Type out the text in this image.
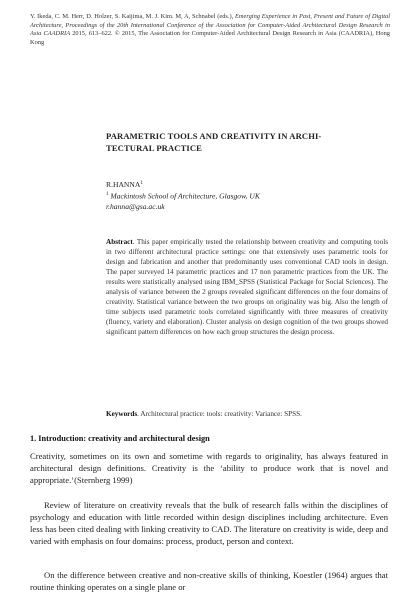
Y. Ikeda, C. M. Herr, D. Holzer, S. Kaijima, M. J. Kim. M, A, Schnabel (eds.), Emerging Experience in Past, Present and Future of Digital Architecture, Proceedings of the 20th International Conference of the Association for Computer-Aided Architectural Design Research in Asia CAADRIA 2015, 613–622. © 2015, The Association for Computer-Aided Architectural Design Research in Asia (CAADRIA), Hong Kong
PARAMETRIC TOOLS AND CREATIVITY IN ARCHI-
TECTURAL PRACTICE
R.HANNA$^1$
$^1$ Mackintosh School of Architecture, Glasgow, UK
r.hanna@gsa.ac.uk
Abstract. This paper empirically tested the relationship between creativity and computing tools in two different architectural practice settings: one that extensively uses parametric tools for design and fabrication and another that predominantly uses conventional CAD tools in design. The paper surveyed 14 parametric practices and 17 non parametric practices from the UK. The results were statistically analysed using IBM_SPSS (Statistical Package for Social Sciences). The analysis of variance between the 2 groups revealed significant differences on the four domains of creativity. Statistical variance between the two groups on originality was big. Also the length of time subjects used parametric tools correlated significantly with three measures of creativity (fluency, variety and elaboration). Cluster analysis on design cognition of the two groups showed significant pattern differences on how each group structures the design process.
Keywords. Architectural practice: tools: creativity: Variance: SPSS.
1. Introduction: creativity and architectural design
Creativity, sometimes on its own and sometime with regards to originality, has always featured in architectural design definitions. Creativity is the ‘ability to produce work that is novel and appropriate.’(Sternberg 1999)
Review of literature on creativity reveals that the bulk of research falls within the disciplines of psychology and education with little recorded within design disciplines including architecture. Even less has been cited dealing with linking creativity to CAD. The literature on creativity is wide, deep and varied with emphasis on four domains: process, product, person and context.
On the difference between creative and non-creative skills of thinking, Koestler (1964) argues that routine thinking operates on a single plane or
